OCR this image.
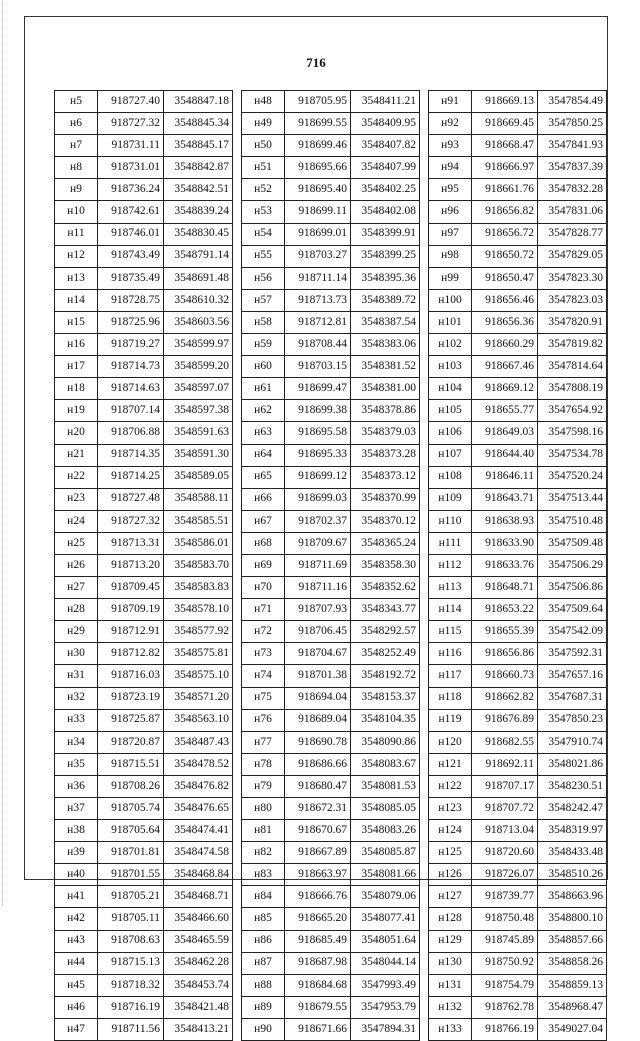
716
н5	918727.40	3548847.18
н6	918727.32	3548845.34
н7	918731.11	3548845.17
н8	918731.01	3548842.87
н9	918736.24	3548842.51
н10	918742.61	3548839.24
н11	918746.01	3548830.45
н12	918743.49	3548791.14
н13	918735.49	3548691.48
н14	918728.75	3548610.32
н15	918725.96	3548603.56
н16	918719.27	3548599.97
н17	918714.73	3548599.20
н18	918714.63	3548597.07
н19	918707.14	3548597.38
н20	918706.88	3548591.63
н21	918714.35	3548591.30
н22	918714.25	3548589.05
н23	918727.48	3548588.11
н24	918727.32	3548585.51
н25	918713.31	3548586.01
н26	918713.20	3548583.70
н27	918709.45	3548583.83
н28	918709.19	3548578.10
н29	918712.91	3548577.92
н30	918712.82	3548575.81
н31	918716.03	3548575.10
н32	918723.19	3548571.20
н33	918725.87	3548563.10
н34	918720.87	3548487.43
н35	918715.51	3548478.52
н36	918708.26	3548476.82
н37	918705.74	3548476.65
н38	918705.64	3548474.41
н39	918701.81	3548474.58
н40	918701.55	3548468.84
н41	918705.21	3548468.71
н42	918705.11	3548466.60
н43	918708.63	3548465.59
н44	918715.13	3548462.28
н45	918718.32	3548453.74
н46	918716.19	3548421.48
н47	918711.56	3548413.21
н48	918705.95	3548411.21
н49	918699.55	3548409.95
н50	918699.46	3548407.82
н51	918695.66	3548407.99
н52	918695.40	3548402.25
н53	918699.11	3548402.08
н54	918699.01	3548399.91
н55	918703.27	3548399.25
н56	918711.14	3548395.36
н57	918713.73	3548389.72
н58	918712.81	3548387.54
н59	918708.44	3548383.06
н60	918703.15	3548381.52
н61	918699.47	3548381.00
н62	918699.38	3548378.86
н63	918695.58	3548379.03
н64	918695.33	3548373.28
н65	918699.12	3548373.12
н66	918699.03	3548370.99
н67	918702.37	3548370.12
н68	918709.67	3548365.24
н69	918711.69	3548358.30
н70	918711.16	3548352.62
н71	918707.93	3548343.77
н72	918706.45	3548292.57
н73	918704.67	3548252.49
н74	918701.38	3548192.72
н75	918694.04	3548153.37
н76	918689.04	3548104.35
н77	918690.78	3548090.86
н78	918686.66	3548083.67
н79	918680.47	3548081.53
н80	918672.31	3548085.05
н81	918670.67	3548083.26
н82	918667.89	3548085.87
н83	918663.97	3548081.66
н84	918666.76	3548079.06
н85	918665.20	3548077.41
н86	918685.49	3548051.64
н87	918687.98	3548044.14
н88	918684.68	3547993.49
н89	918679.55	3547953.79
н90	918671.66	3547894.31
н91	918669.13	3547854.49
н92	918669.45	3547850.25
н93	918668.47	3547841.93
н94	918666.97	3547837.39
н95	918661.76	3547832.28
н96	918656.82	3547831.06
н97	918656.72	3547828.77
н98	918650.72	3547829.05
н99	918650.47	3547823.30
н100	918656.46	3547823.03
н101	918656.36	3547820.91
н102	918660.29	3547819.82
н103	918667.46	3547814.64
н104	918669.12	3547808.19
н105	918655.77	3547654.92
н106	918649.03	3547598.16
н107	918644.40	3547534.78
н108	918646.11	3547520.24
н109	918643.71	3547513.44
н110	918638.93	3547510.48
н111	918633.90	3547509.48
н112	918633.76	3547506.29
н113	918648.71	3547506.86
н114	918653.22	3547509.64
н115	918655.39	3547542.09
н116	918656.86	3547592.31
н117	918660.73	3547657.16
н118	918662.82	3547687.31
н119	918676.89	3547850.23
н120	918682.55	3547910.74
н121	918692.11	3548021.86
н122	918707.17	3548230.51
н123	918707.72	3548242.47
н124	918713.04	3548319.97
н125	918720.60	3548433.48
н126	918726.07	3548510.26
н127	918739.77	3548663.96
н128	918750.48	3548800.10
н129	918745.89	3548857.66
н130	918750.92	3548858.26
н131	918754.79	3548859.13
н132	918762.78	3548968.47
н133	918766.19	3549027.04
